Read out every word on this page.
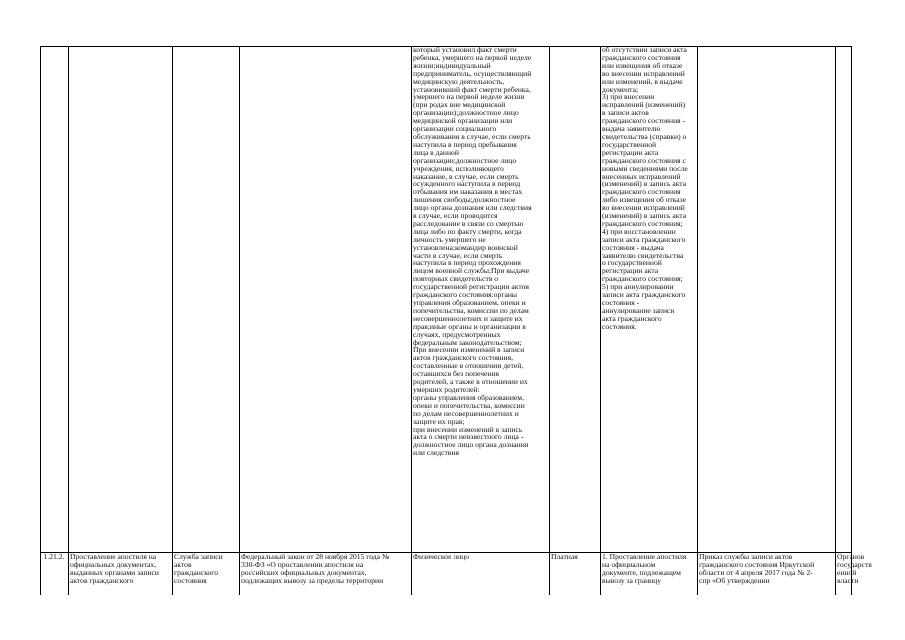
который установил факт смерти
ребенка, умершего на первой неделе
жизни;индивидуальный
предприниматель, осуществляющий
медицинскую деятельность,
установивший факт смерти ребенка,
умершего на первой неделе жизни
(при родах вне медицинской
организации);должностное лицо
медицинской организации или
организации социального
обслуживания в случае, если смерть
наступила в период пребывания
лица в данной
организации;должностное лицо
учреждения, исполняющего
наказание, в случае, если смерть
осужденного наступила в период
отбывания им наказания в местах
лишения свободы;должностное
лицо органа дознания или следствия
в случае, если проводится
расследование в связи со смертью
лица либо по факту смерти, когда
личность умершего не
установлена;командир воинской
части в случае, если смерть
наступила в период прохождения
лицом военной службы;При выдаче
повторных свидетельств о
государственной регистрации актов
гражданского состояния:органы
управления образованием, опеки и
попечительства, комиссии по делам
несовершеннолетних и защите их
прав;иные органы и организации в
случаях, предусмотренных
федеральным законодательством;
При внесении изменений в записи
актов гражданского состояния,
составленные в отношении детей,
оставшихся без попечения
родителей, а также в отношении их
умерших родителей:
органы управления образованием,
опеки и попечительства, комиссии
по делам несовершеннолетних и
защите их прав;
при внесении изменений в запись
акта о смерти неизвестного лица -
должностное лицо органа дознания
или следствия
об отсутствии записи акта
гражданского состояния
или извещения об отказе
во внесении исправлений
или изменений, в выдаче
документа;
3) при внесении
исправлений (изменений)
в записи актов
гражданского состояния -
выдача заявителю
свидетельства (справки) о
государственной
регистрации акта
гражданского состояния с
новыми сведениями после
внесенных исправлений
(изменений) в запись акта
гражданского состояния
либо извещения об отказе
во внесении исправлений
(изменений) в запись акта
гражданского состояния;
4) при восстановлении
записи акта гражданского
состояния - выдача
заявителю свидетельства
о государственной
регистрации акта
гражданского состояния;
5) при аннулировании
записи акта гражданского
состояния -
аннулирование записи
акта гражданского
состояния.
1.21.2. Проставление апостиля на
официальных документах,
выданных органами записи
актов гражданского
Служба записи
актов
гражданского
состояния
Федеральный закон от 28 ноября 2015 года №
330-ФЗ «О проставлении апостиля на
российских официальных документах,
подлежащих вывозу за пределы территории
Физическое лицо	Платная	1. Проставление апостиля
на официальном
документе, подлежащем
вывозу за границу
Приказ службы записи актов
гражданского состояния Иркутской
области от 4 апреля 2017 года № 2-
спр «Об утверждении
Органов
государств
енной
власти
